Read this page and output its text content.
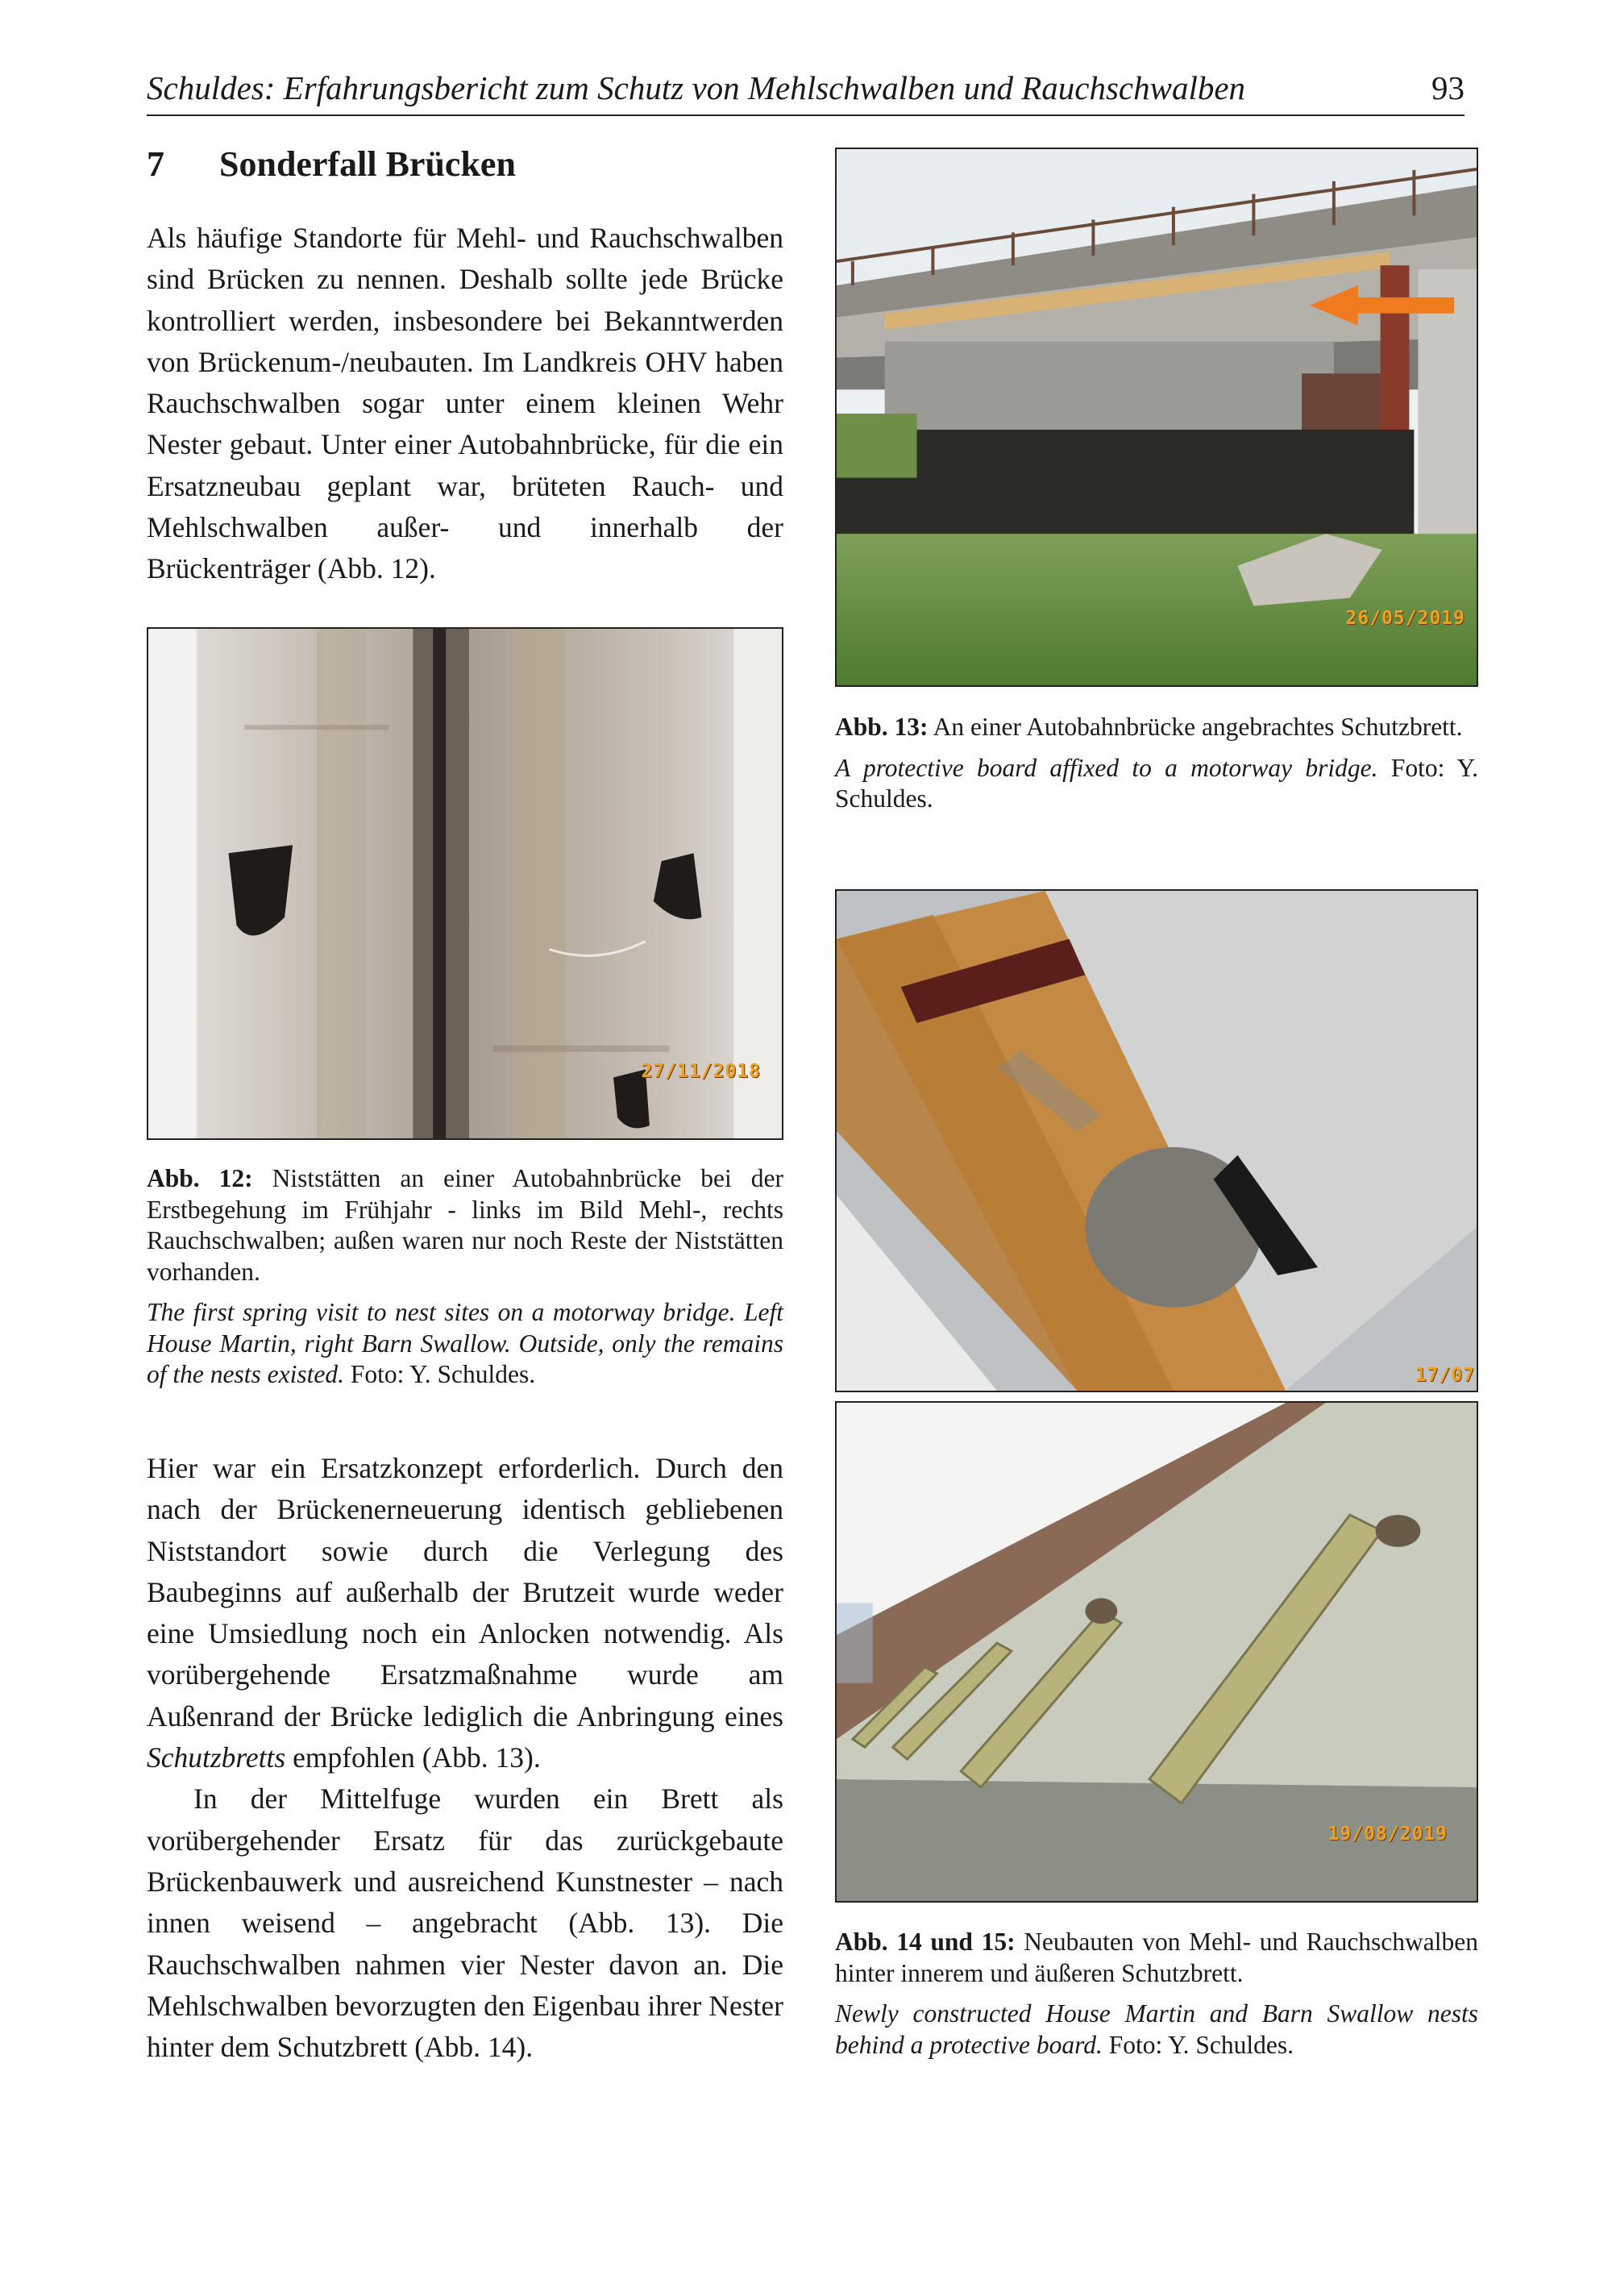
Schuldes: Erfahrungsbericht zum Schutz von Mehlschwalben und Rauchschwalben	93
7 Sonderfall Brücken

Als häufige Standorte für Mehl- und Rauchschwalben sind Brücken zu nennen. Deshalb sollte jede Brücke kontrolliert werden, insbesondere bei Bekanntwerden von Brückenum-/neubauten. Im Landkreis OHV haben Rauchschwalben sogar unter einem kleinen Wehr Nester gebaut. Unter einer Autobahnbrücke, für die ein Ersatzneubau geplant war, brüteten Rauch- und Mehlschwalben außer- und innerhalb der Brückenträger (Abb. 12).

27/11/2018

Abb. 12: Niststätten an einer Autobahnbrücke bei der Erstbegehung im Frühjahr - links im Bild Mehl-, rechts Rauchschwalben; außen waren nur noch Reste der Niststätten vorhanden.

The first spring visit to nest sites on a motorway bridge. Left House Martin, right Barn Swallow. Outside, only the remains of the nests existed. Foto: Y. Schuldes.

Hier war ein Ersatzkonzept erforderlich. Durch den nach der Brückenerneuerung identisch gebliebenen Niststandort sowie durch die Verlegung des Baubeginns auf außerhalb der Brutzeit wurde weder eine Umsiedlung noch ein Anlocken notwendig. Als vorübergehende Ersatzmaßnahme wurde am Außenrand der Brücke lediglich die Anbringung eines Schutzbretts empfohlen (Abb. 13).

In der Mittelfuge wurden ein Brett als vorübergehender Ersatz für das zurückgebaute Brückenbauwerk und ausreichend Kunstnester – nach innen weisend – angebracht (Abb. 13). Die Rauchschwalben nahmen vier Nester davon an. Die Mehlschwalben bevorzugten den Eigenbau ihrer Nester hinter dem Schutzbrett (Abb. 14).

26/05/2019

Abb. 13: An einer Autobahnbrücke angebrachtes Schutzbrett.

A protective board affixed to a motorway bridge. Foto: Y. Schuldes.

17/07
19/08/2019

Abb. 14 und 15: Neubauten von Mehl- und Rauchschwalben hinter innerem und äußeren Schutzbrett.

Newly constructed House Martin and Barn Swallow nests behind a protective board. Foto: Y. Schuldes.
